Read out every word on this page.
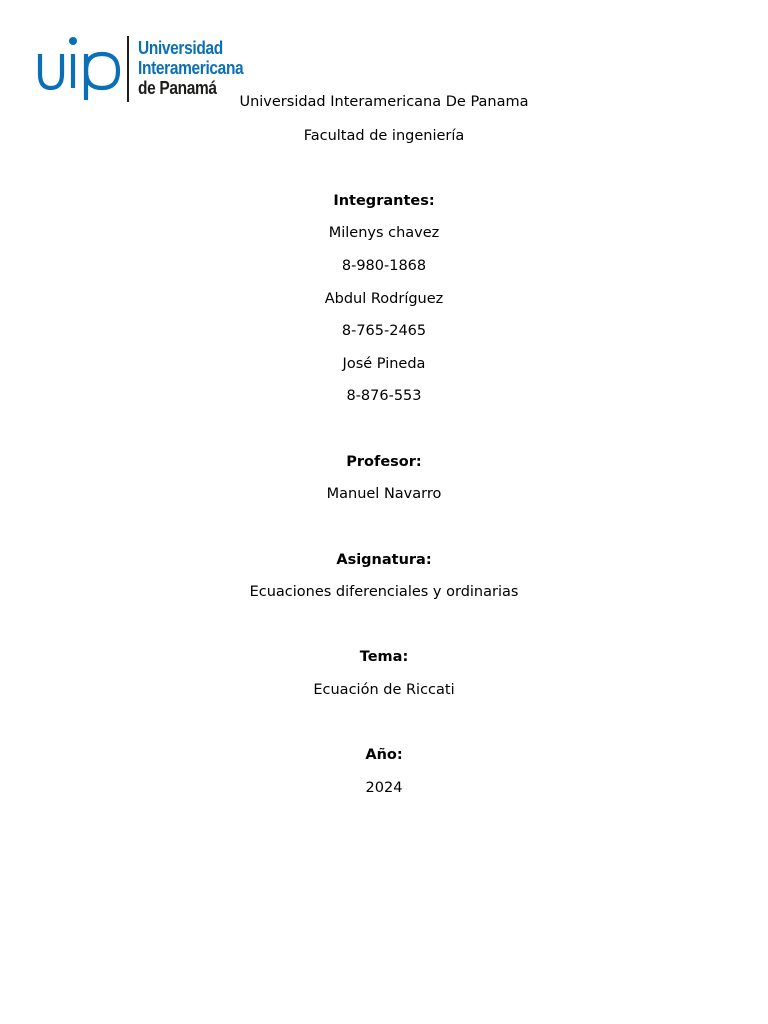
Universidad
Interamericana
de Panamá
Universidad Interamericana De Panama
Facultad de ingeniería
Integrantes:
Milenys chavez
8-980-1868
Abdul Rodríguez
8-765-2465
José Pineda
8-876-553
Profesor:
Manuel Navarro
Asignatura:
Ecuaciones diferenciales y ordinarias
Tema:
Ecuación de Riccati
Año:
2024
